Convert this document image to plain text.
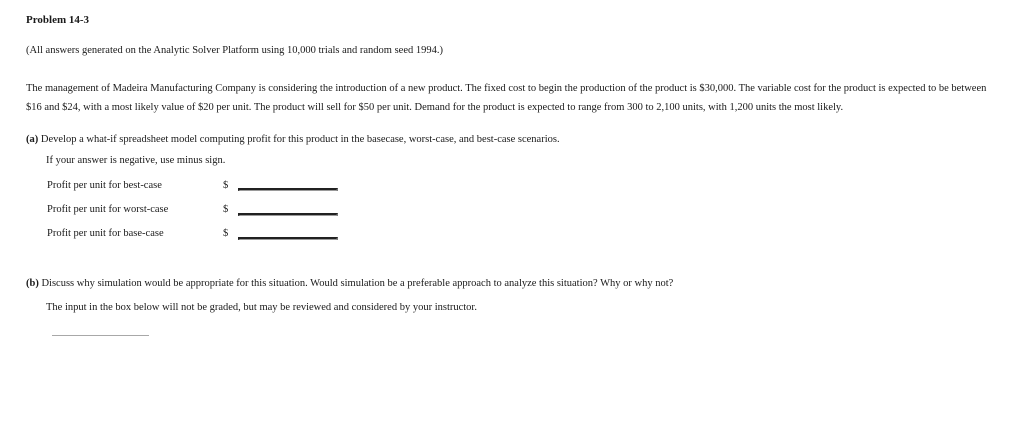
Problem 14-3
(All answers generated on the Analytic Solver Platform using 10,000 trials and random seed 1994.)
The management of Madeira Manufacturing Company is considering the introduction of a new product. The fixed cost to begin the production of the product is $30,000. The variable cost for the product is expected to be between $16 and $24, with a most likely value of $20 per unit. The product will sell for $50 per unit. Demand for the product is expected to range from 300 to 2,100 units, with 1,200 units the most likely.
(a) Develop a what-if spreadsheet model computing profit for this product in the basecase, worst-case, and best-case scenarios.
If your answer is negative, use minus sign.
Profit per unit for best-case	$
Profit per unit for worst-case	$
Profit per unit for base-case	$
(b) Discuss why simulation would be appropriate for this situation. Would simulation be a preferable approach to analyze this situation? Why or why not?
The input in the box below will not be graded, but may be reviewed and considered by your instructor.
